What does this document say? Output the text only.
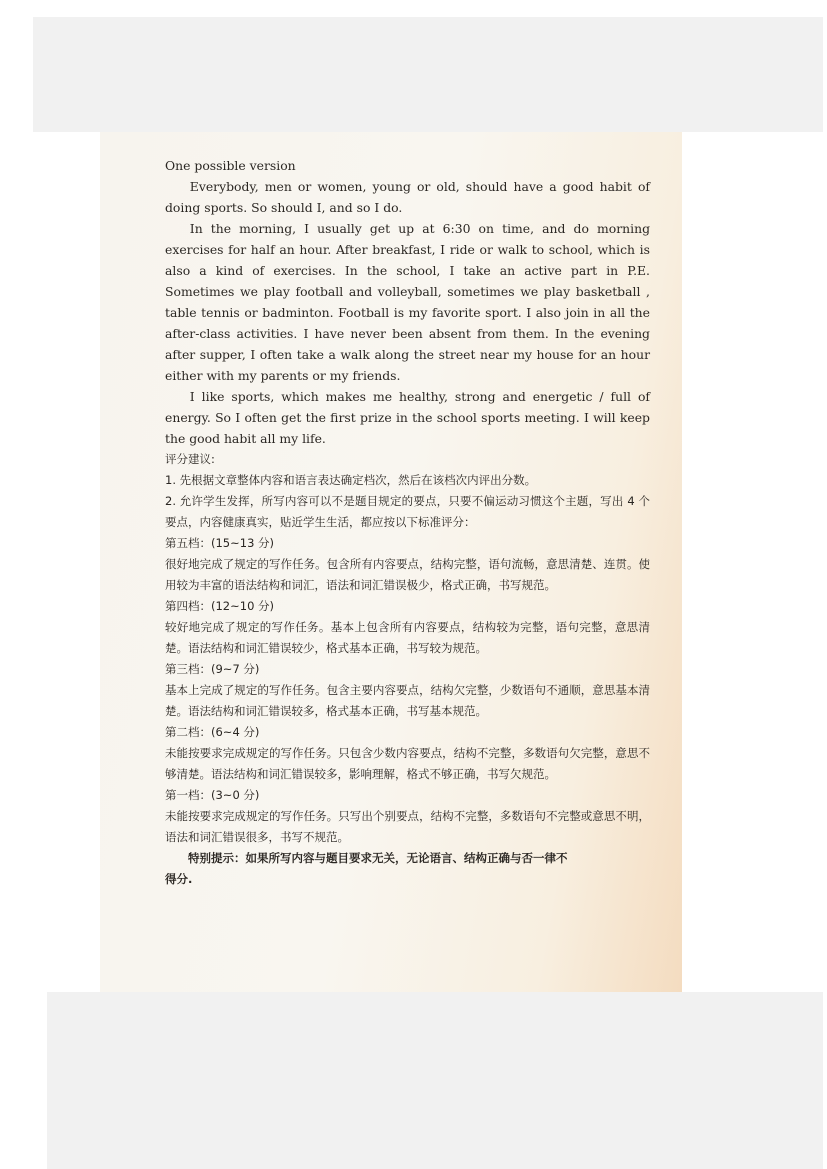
One possible version

Everybody, men or women, young or old, should have a good habit of doing sports. So should I, and so I do.

In the morning, I usually get up at 6:30 on time, and do morning exercises for half an hour. After breakfast, I ride or walk to school, which is also a kind of exercises. In the school, I take an active part in P.E. Sometimes we play football and volleyball, sometimes we play basketball , table tennis or badminton. Football is my favorite sport. I also join in all the after-class activities. I have never been absent from them. In the evening after supper, I often take a walk along the street near my house for an hour either with my parents or my friends.

I like sports, which makes me healthy, strong and energetic / full of energy. So I often get the first prize in the school sports meeting. I will keep the good habit all my life.

评分建议:

1. 先根据文章整体内容和语言表达确定档次，然后在该档次内评出分数。

2. 允许学生发挥，所写内容可以不是题目规定的要点，只要不偏运动习惯这个主题，写出 4 个要点，内容健康真实，贴近学生生活，都应按以下标准评分：

第五档：(15~13 分)

很好地完成了规定的写作任务。包含所有内容要点，结构完整，语句流畅，意思清楚、连贯。使用较为丰富的语法结构和词汇，语法和词汇错误极少，格式正确，书写规范。

第四档：(12~10 分)

较好地完成了规定的写作任务。基本上包含所有内容要点，结构较为完整，语句完整，意思清楚。语法结构和词汇错误较少，格式基本正确，书写较为规范。

第三档：(9~7 分)

基本上完成了规定的写作任务。包含主要内容要点，结构欠完整，少数语句不通顺，意思基本清楚。语法结构和词汇错误较多，格式基本正确，书写基本规范。

第二档：(6~4 分)

未能按要求完成规定的写作任务。只包含少数内容要点，结构不完整，多数语句欠完整，意思不够清楚。语法结构和词汇错误较多，影响理解，格式不够正确，书写欠规范。

第一档：(3~0 分)

未能按要求完成规定的写作任务。只写出个别要点，结构不完整，多数语句不完整或意思不明，语法和词汇错误很多，书写不规范。

特别提示：如果所写内容与题目要求无关，无论语言、结构正确与否一律不

得分.
